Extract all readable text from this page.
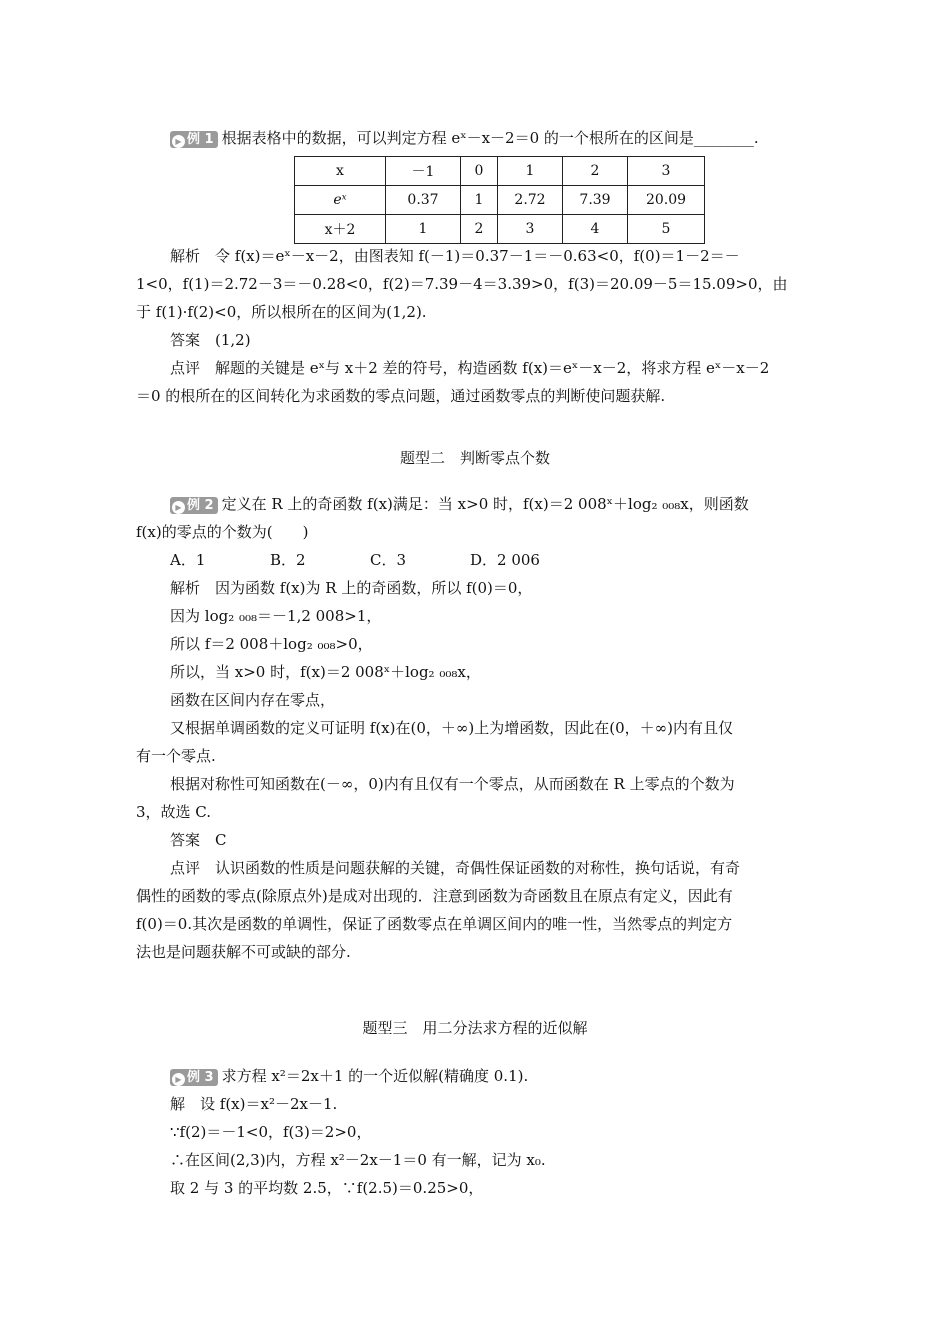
▶ 例 1 根据表格中的数据，可以判定方程 eˣ－x－2＝0 的一个根所在的区间是________.
x	－1	0	1	2	3
eˣ	0.37	1	2.72	7.39	20.09
x＋2	1	2	3	4	5
解析　令 f(x)＝eˣ－x－2，由图表知 f(－1)＝0.37－1＝－0.63<0，f(0)＝1－2＝－
1<0，f(1)＝2.72－3＝－0.28<0，f(2)＝7.39－4＝3.39>0，f(3)＝20.09－5＝15.09>0，由
于 f(1)·f(2)<0，所以根所在的区间为(1,2).
答案　(1,2)
点评　解题的关键是 eˣ与 x＋2 差的符号，构造函数 f(x)＝eˣ－x－2，将求方程 eˣ－x－2
＝0 的根所在的区间转化为求函数的零点问题，通过函数零点的判断使问题获解.
题型二　判断零点个数
▶ 例 2 定义在 R 上的奇函数 f(x)满足：当 x>0 时，f(x)＝2 008ˣ＋log₂ ₀₀₈x，则函数
f(x)的零点的个数为(　　)
A．1	B．2	C．3	D．2 006
解析　因为函数 f(x)为 R 上的奇函数，所以 f(0)＝0，
因为 log₂ ₀₀₈＝－1,2 008>1，
所以 f＝2 008＋log₂ ₀₀₈>0，
所以，当 x>0 时，f(x)＝2 008ˣ＋log₂ ₀₀₈x，
函数在区间内存在零点，
又根据单调函数的定义可证明 f(x)在(0，＋∞)上为增函数，因此在(0，＋∞)内有且仅
有一个零点.
根据对称性可知函数在(－∞，0)内有且仅有一个零点，从而函数在 R 上零点的个数为
3，故选 C.
答案　C
点评　认识函数的性质是问题获解的关键，奇偶性保证函数的对称性，换句话说，有奇
偶性的函数的零点(除原点外)是成对出现的．注意到函数为奇函数且在原点有定义，因此有
f(0)＝0.其次是函数的单调性，保证了函数零点在单调区间内的唯一性，当然零点的判定方
法也是问题获解不可或缺的部分.
题型三　用二分法求方程的近似解
▶ 例 3 求方程 x²＝2x＋1 的一个近似解(精确度 0.1).
解　设 f(x)＝x²－2x－1.
∵f(2)＝－1<0，f(3)＝2>0，
∴在区间(2,3)内，方程 x²－2x－1＝0 有一解，记为 x₀.
取 2 与 3 的平均数 2.5，∵f(2.5)＝0.25>0，
